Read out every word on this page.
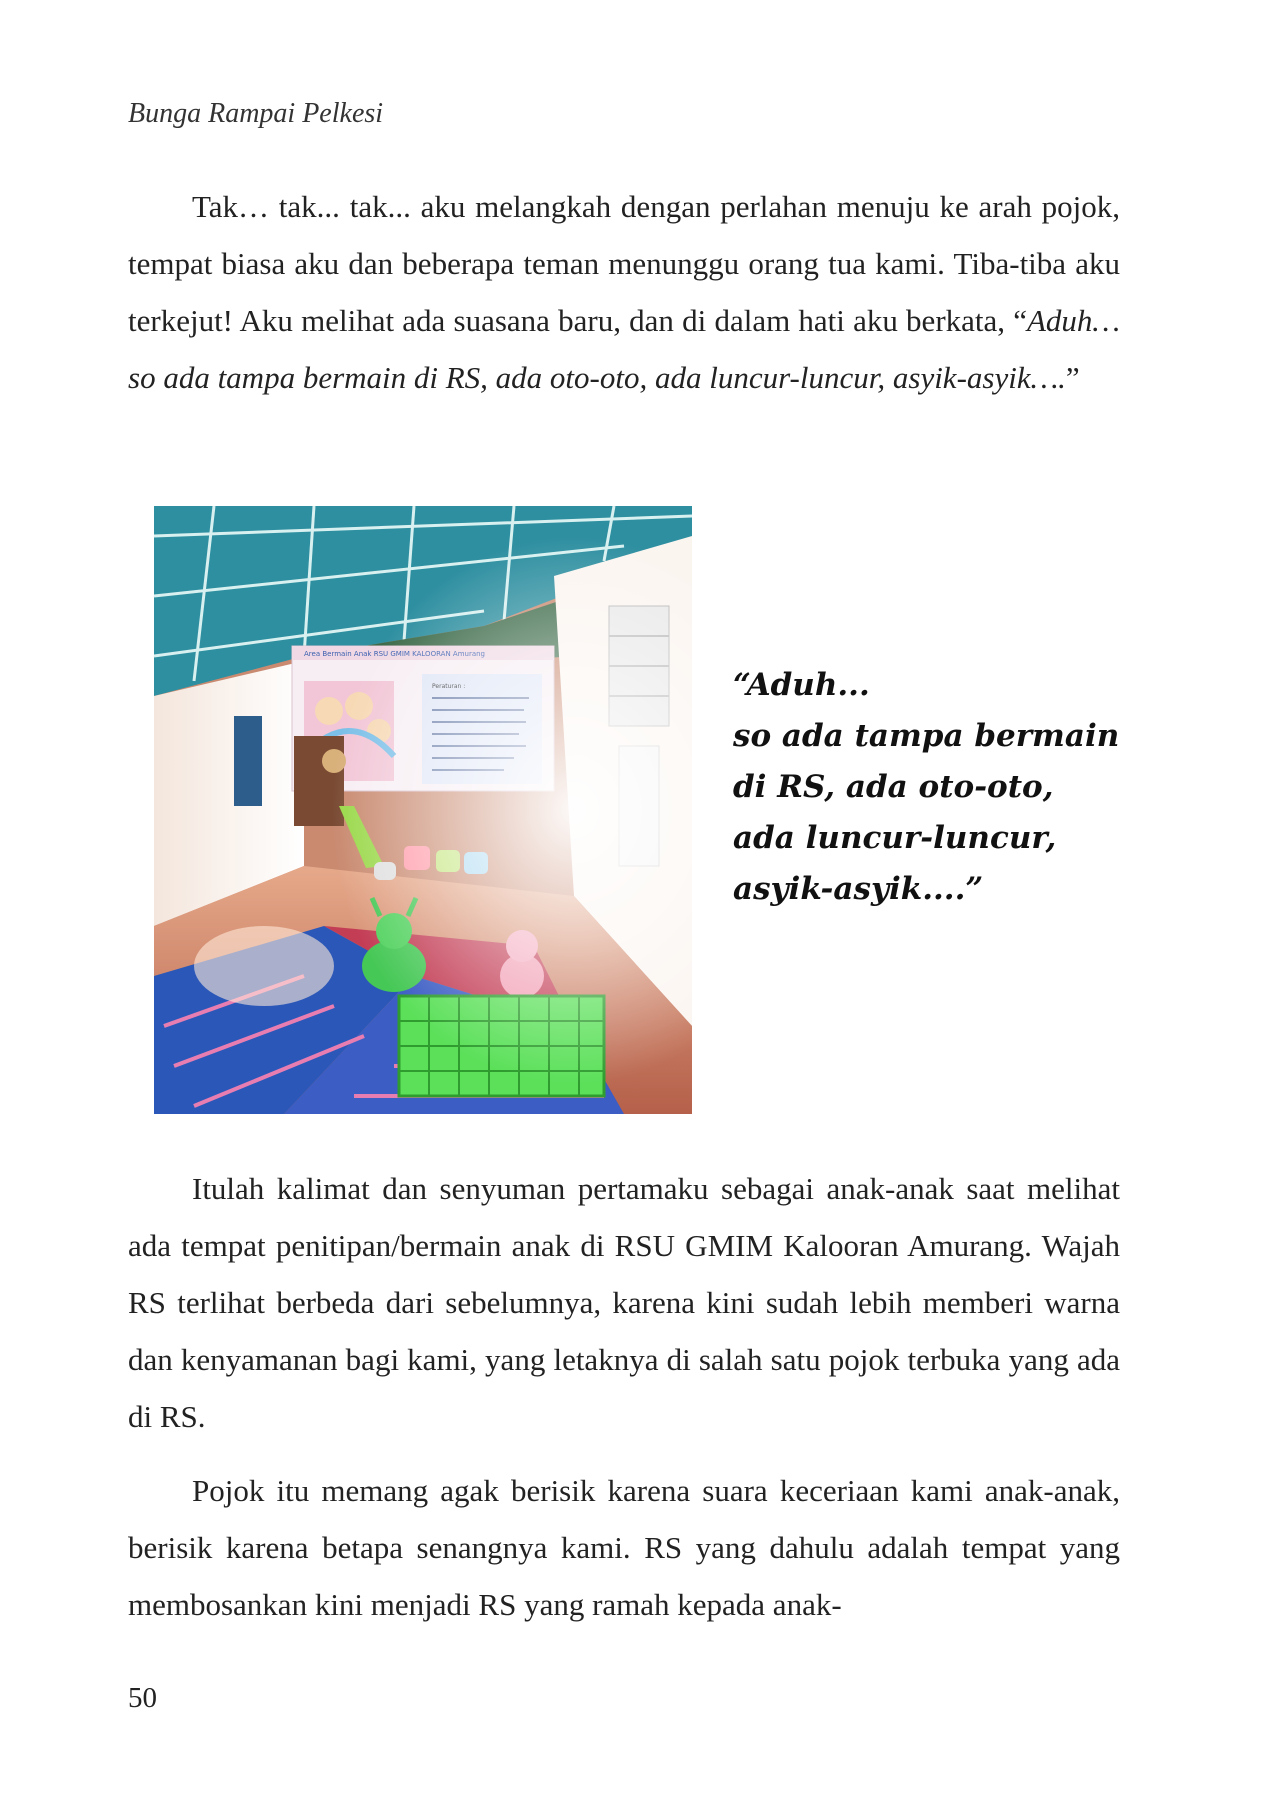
Bunga Rampai Pelkesi

Tak… tak... tak... aku melangkah dengan perlahan menuju ke arah pojok, tempat biasa aku dan beberapa teman menunggu orang tua kami. Tiba-tiba aku terkejut! Aku melihat ada suasana baru, dan di dalam hati aku berkata, “Aduh… so ada tampa bermain di RS, ada oto-oto, ada luncur-luncur, asyik-asyik….”

“Aduh...
so ada tampa bermain
di RS, ada oto-oto,
ada luncur-luncur,
asyik-asyik....”

Itulah kalimat dan senyuman pertamaku sebagai anak-anak saat melihat ada tempat penitipan/bermain anak di RSU GMIM Kalooran Amurang. Wajah RS terlihat berbeda dari sebelumnya, karena kini sudah lebih memberi warna dan kenyamanan bagi kami, yang letaknya di salah satu pojok terbuka yang ada di RS.

Pojok itu memang agak berisik karena suara keceriaan kami anak-anak, berisik karena betapa senangnya kami. RS yang dahulu adalah tempat yang membosankan kini menjadi RS yang ramah kepada anak-

50
